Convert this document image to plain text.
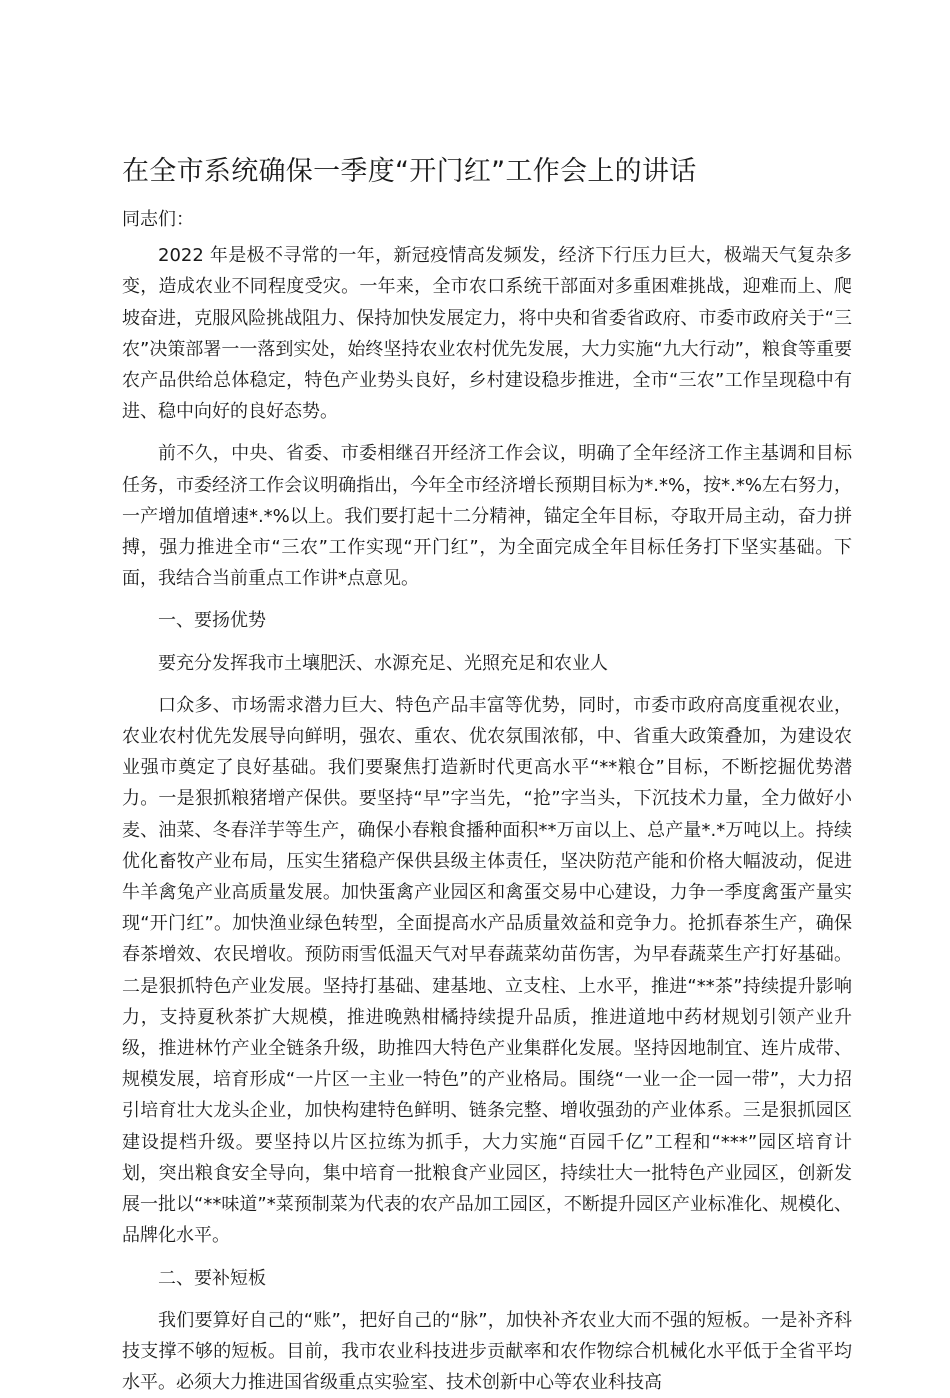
在全市系统确保一季度“开门红”工作会上的讲话

同志们：

2022 年是极不寻常的一年，新冠疫情高发频发，经济下行压力巨大，极端天气复杂多变，造成农业不同程度受灾。一年来，全市农口系统干部面对多重困难挑战，迎难而上、爬坡奋进，克服风险挑战阻力、保持加快发展定力，将中央和省委省政府、市委市政府关于“三农”决策部署一一落到实处，始终坚持农业农村优先发展，大力实施“九大行动”，粮食等重要农产品供给总体稳定，特色产业势头良好，乡村建设稳步推进，全市“三农”工作呈现稳中有进、稳中向好的良好态势。

前不久，中央、省委、市委相继召开经济工作会议，明确了全年经济工作主基调和目标任务，市委经济工作会议明确指出，今年全市经济增长预期目标为*.*%，按*.*%左右努力，一产增加值增速*.*%以上。我们要打起十二分精神，锚定全年目标，夺取开局主动，奋力拼搏，强力推进全市“三农”工作实现“开门红”，为全面完成全年目标任务打下坚实基础。下面，我结合当前重点工作讲*点意见。

一、要扬优势

要充分发挥我市土壤肥沃、水源充足、光照充足和农业人

口众多、市场需求潜力巨大、特色产品丰富等优势，同时，市委市政府高度重视农业，农业农村优先发展导向鲜明，强农、重农、优农氛围浓郁，中、省重大政策叠加，为建设农业强市奠定了良好基础。我们要聚焦打造新时代更高水平“**粮仓”目标，不断挖掘优势潜力。一是狠抓粮猪增产保供。要坚持“早”字当先，“抢”字当头，下沉技术力量，全力做好小麦、油菜、冬春洋芋等生产，确保小春粮食播种面积**万亩以上、总产量*.*万吨以上。持续优化畜牧产业布局，压实生猪稳产保供县级主体责任，坚决防范产能和价格大幅波动，促进牛羊禽兔产业高质量发展。加快蛋禽产业园区和禽蛋交易中心建设，力争一季度禽蛋产量实现“开门红”。加快渔业绿色转型，全面提高水产品质量效益和竞争力。抢抓春茶生产，确保春茶增效、农民增收。预防雨雪低温天气对早春蔬菜幼苗伤害，为早春蔬菜生产打好基础。二是狠抓特色产业发展。坚持打基础、建基地、立支柱、上水平，推进“**茶”持续提升影响力，支持夏秋茶扩大规模，推进晚熟柑橘持续提升品质，推进道地中药材规划引领产业升级，推进林竹产业全链条升级，助推四大特色产业集群化发展。坚持因地制宜、连片成带、规模发展，培育形成“一片区一主业一特色”的产业格局。围绕“一业一企一园一带”，大力招引培育壮大龙头企业，加快构建特色鲜明、链条完整、增收强劲的产业体系。三是狠抓园区建设提档升级。要坚持以片区拉练为抓手，大力实施“百园千亿”工程和“***”园区培育计划，突出粮食安全导向，集中培育一批粮食产业园区，持续壮大一批特色产业园区，创新发展一批以“**味道”*菜预制菜为代表的农产品加工园区，不断提升园区产业标准化、规模化、品牌化水平。

二、要补短板

我们要算好自己的“账”，把好自己的“脉”，加快补齐农业大而不强的短板。一是补齐科技支撑不够的短板。目前，我市农业科技进步贡献率和农作物综合机械化水平低于全省平均水平。必须大力推进国省级重点实验室、技术创新中心等农业科技高
